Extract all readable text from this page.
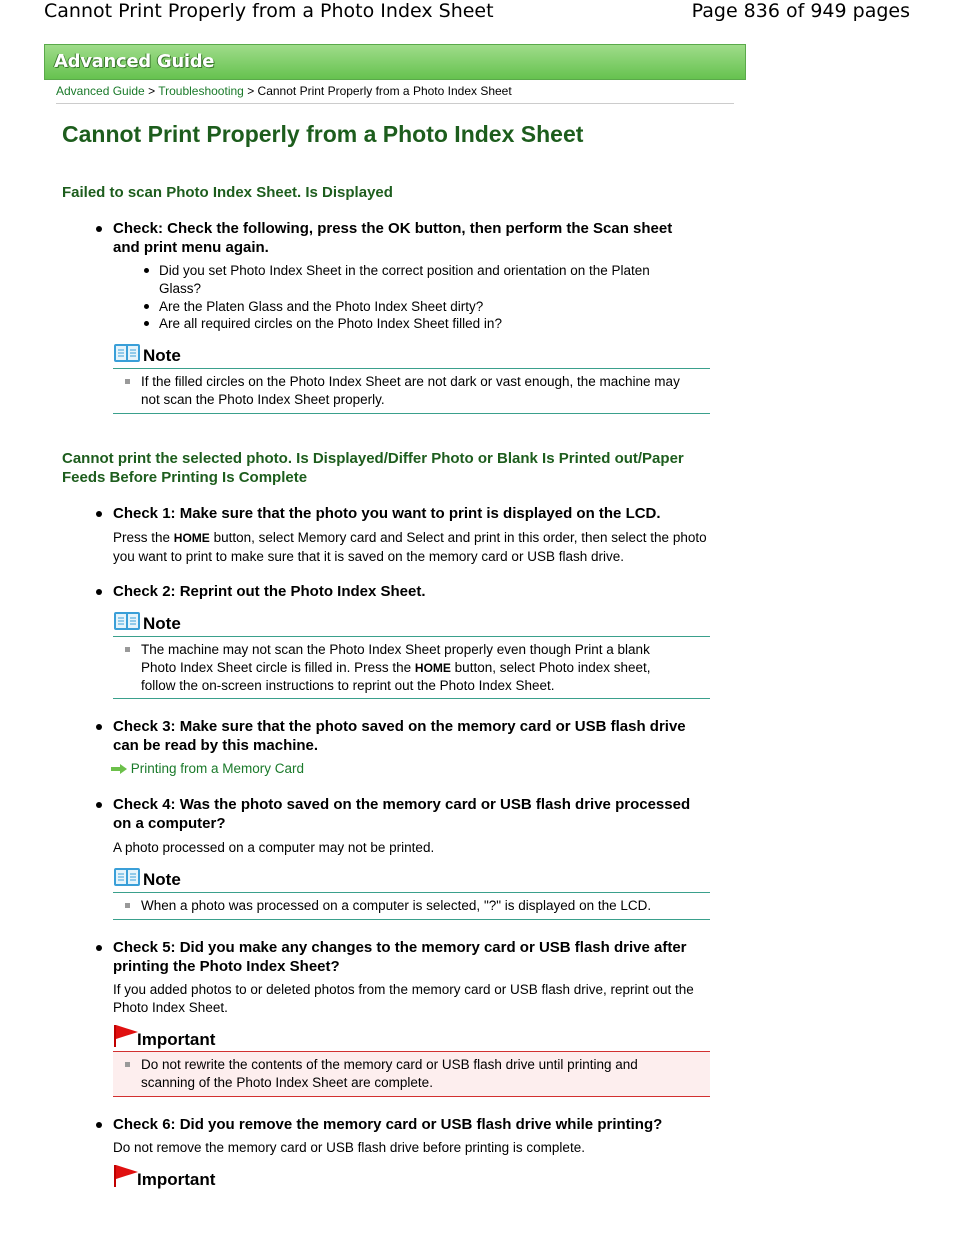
Cannot Print Properly from a Photo Index Sheet	Page 836 of 949 pages
Advanced Guide
Advanced Guide > Troubleshooting > Cannot Print Properly from a Photo Index Sheet
Cannot Print Properly from a Photo Index Sheet
Failed to scan Photo Index Sheet. Is Displayed
Check: Check the following, press the OK button, then perform the Scan sheet and print menu again.
Did you set Photo Index Sheet in the correct position and orientation on the Platen Glass?
Are the Platen Glass and the Photo Index Sheet dirty?
Are all required circles on the Photo Index Sheet filled in?
Note
If the filled circles on the Photo Index Sheet are not dark or vast enough, the machine may not scan the Photo Index Sheet properly.
Cannot print the selected photo. Is Displayed/Differ Photo or Blank Is Printed out/Paper Feeds Before Printing Is Complete
Check 1: Make sure that the photo you want to print is displayed on the LCD.
Press the HOME button, select Memory card and Select and print in this order, then select the photo you want to print to make sure that it is saved on the memory card or USB flash drive.
Check 2: Reprint out the Photo Index Sheet.
Note
The machine may not scan the Photo Index Sheet properly even though Print a blank Photo Index Sheet circle is filled in. Press the HOME button, select Photo index sheet, follow the on-screen instructions to reprint out the Photo Index Sheet.
Check 3: Make sure that the photo saved on the memory card or USB flash drive can be read by this machine.
Printing from a Memory Card
Check 4: Was the photo saved on the memory card or USB flash drive processed on a computer?
A photo processed on a computer may not be printed.
Note
When a photo was processed on a computer is selected, "?" is displayed on the LCD.
Check 5: Did you make any changes to the memory card or USB flash drive after printing the Photo Index Sheet?
If you added photos to or deleted photos from the memory card or USB flash drive, reprint out the Photo Index Sheet.
Important
Do not rewrite the contents of the memory card or USB flash drive until printing and scanning of the Photo Index Sheet are complete.
Check 6: Did you remove the memory card or USB flash drive while printing?
Do not remove the memory card or USB flash drive before printing is complete.
Important
